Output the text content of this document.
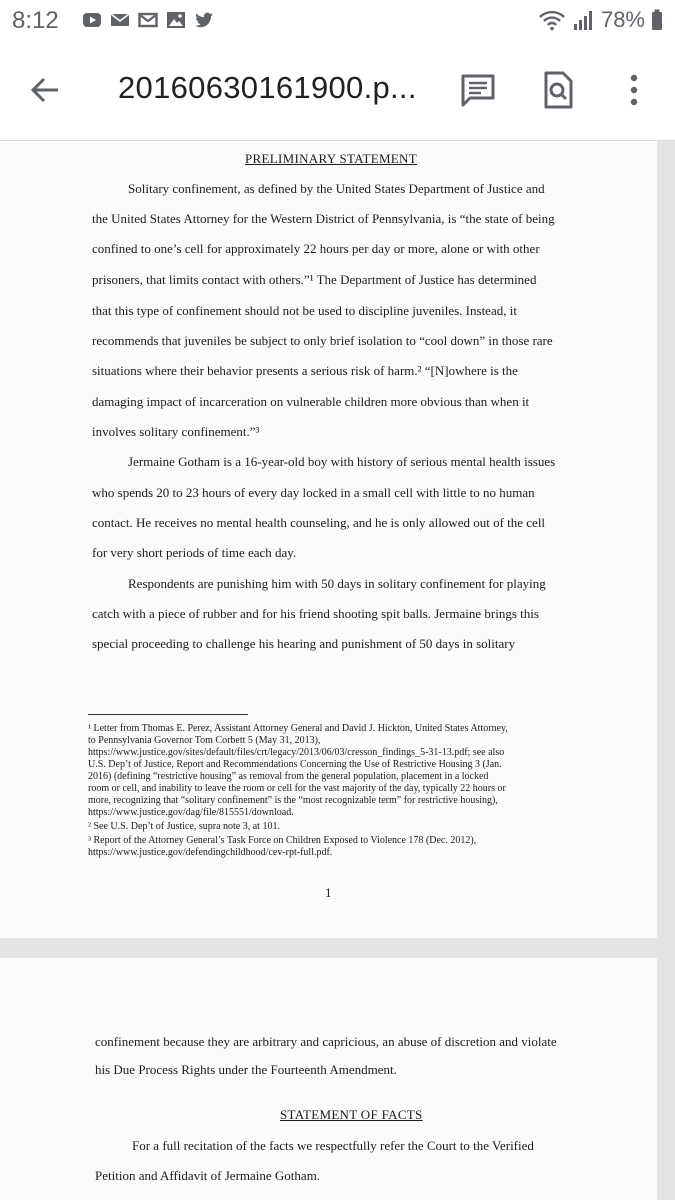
8:12	78%
20160630161900.p...
PRELIMINARY STATEMENT
Solitary confinement, as defined by the United States Department of Justice and
the United States Attorney for the Western District of Pennsylvania, is “the state of being
confined to one’s cell for approximately 22 hours per day or more, alone or with other
prisoners, that limits contact with others.”¹ The Department of Justice has determined
that this type of confinement should not be used to discipline juveniles. Instead, it
recommends that juveniles be subject to only brief isolation to “cool down” in those rare
situations where their behavior presents a serious risk of harm.² “[N]owhere is the
damaging impact of incarceration on vulnerable children more obvious than when it
involves solitary confinement.”³
Jermaine Gotham is a 16-year-old boy with history of serious mental health issues
who spends 20 to 23 hours of every day locked in a small cell with little to no human
contact. He receives no mental health counseling, and he is only allowed out of the cell
for very short periods of time each day.
Respondents are punishing him with 50 days in solitary confinement for playing
catch with a piece of rubber and for his friend shooting spit balls. Jermaine brings this
special proceeding to challenge his hearing and punishment of 50 days in solitary
¹ Letter from Thomas E. Perez, Assistant Attorney General and David J. Hickton, United States Attorney,
to Pennsylvania Governor Tom Corbett 5 (May 31, 2013),
https://www.justice.gov/sites/default/files/crt/legacy/2013/06/03/cresson_findings_5-31-13.pdf; see also
U.S. Dep’t of Justice, Report and Recommendations Concerning the Use of Restrictive Housing 3 (Jan.
2016) (defining “restrictive housing” as removal from the general population, placement in a locked
room or cell, and inability to leave the room or cell for the vast majority of the day, typically 22 hours or
more, recognizing that “solitary confinement” is the “most recognizable term” for restrictive housing),
https://www.justice.gov/dag/file/815551/download.
² See U.S. Dep’t of Justice, supra note 3, at 101.
³ Report of the Attorney General’s Task Force on Children Exposed to Violence 178 (Dec. 2012),
https://www.justice.gov/defendingchildhood/cev-rpt-full.pdf.
1
confinement because they are arbitrary and capricious, an abuse of discretion and violate
his Due Process Rights under the Fourteenth Amendment.
STATEMENT OF FACTS
For a full recitation of the facts we respectfully refer the Court to the Verified
Petition and Affidavit of Jermaine Gotham.
